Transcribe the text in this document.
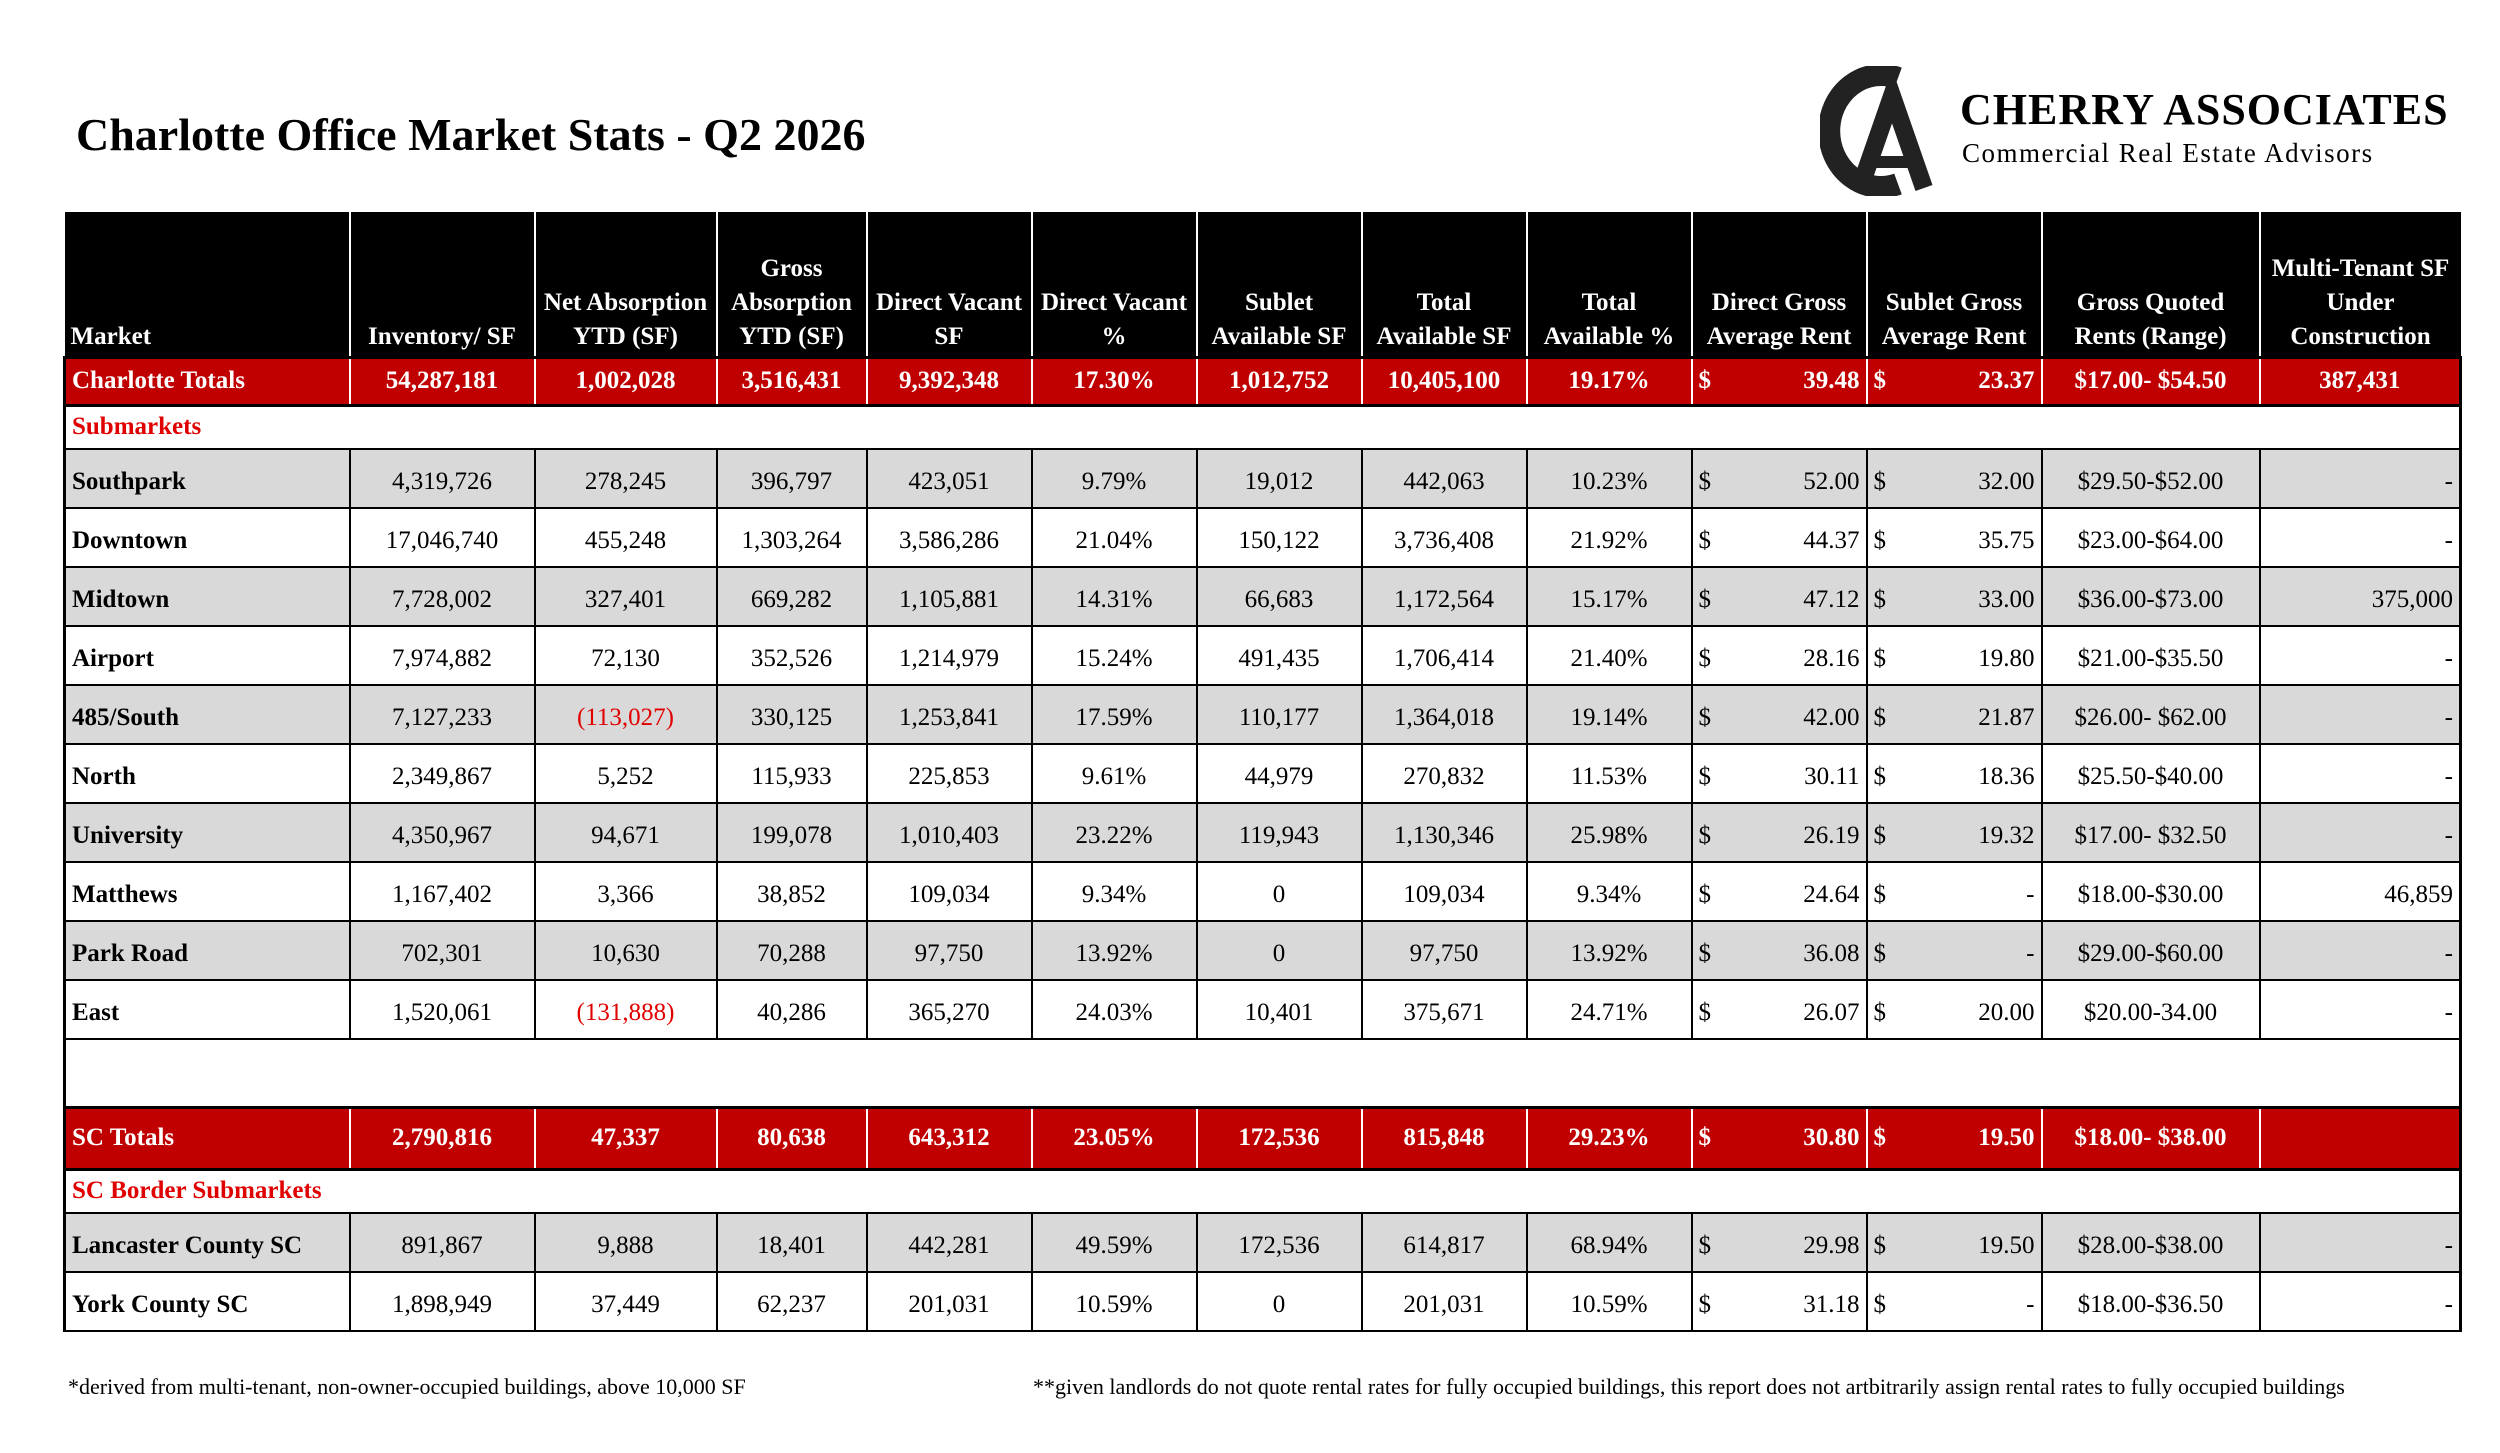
Charlotte Office Market Stats - Q2 2026	CHERRY ASSOCIATES
Commercial Real Estate Advisors
Market	Inventory/ SF	Net Absorption YTD (SF)	Gross Absorption YTD (SF)	Direct Vacant SF	Direct Vacant %	Sublet Available SF	Total Available SF	Total Available %	Direct Gross Average Rent	Sublet Gross Average Rent	Gross Quoted Rents (Range)	Multi-Tenant SF Under Construction
Charlotte Totals	54,287,181	1,002,028	3,516,431	9,392,348	17.30%	1,012,752	10,405,100	19.17%	$ 39.48	$ 23.37	$17.00- $54.50	387,431
Submarkets												
Southpark	4,319,726	278,245	396,797	423,051	9.79%	19,012	442,063	10.23%	$ 52.00	$ 32.00	$29.50-$52.00	-
Downtown	17,046,740	455,248	1,303,264	3,586,286	21.04%	150,122	3,736,408	21.92%	$ 44.37	$ 35.75	$23.00-$64.00	-
Midtown	7,728,002	327,401	669,282	1,105,881	14.31%	66,683	1,172,564	15.17%	$ 47.12	$ 33.00	$36.00-$73.00	375,000
Airport	7,974,882	72,130	352,526	1,214,979	15.24%	491,435	1,706,414	21.40%	$ 28.16	$ 19.80	$21.00-$35.50	-
485/South	7,127,233	(113,027)	330,125	1,253,841	17.59%	110,177	1,364,018	19.14%	$ 42.00	$ 21.87	$26.00- $62.00	-
North	2,349,867	5,252	115,933	225,853	9.61%	44,979	270,832	11.53%	$ 30.11	$ 18.36	$25.50-$40.00	-
University	4,350,967	94,671	199,078	1,010,403	23.22%	119,943	1,130,346	25.98%	$ 26.19	$ 19.32	$17.00- $32.50	-
Matthews	1,167,402	3,366	38,852	109,034	9.34%	0	109,034	9.34%	$ 24.64	$ -	$18.00-$30.00	46,859
Park Road	702,301	10,630	70,288	97,750	13.92%	0	97,750	13.92%	$ 36.08	$ -	$29.00-$60.00	-
East	1,520,061	(131,888)	40,286	365,270	24.03%	10,401	375,671	24.71%	$ 26.07	$ 20.00	$20.00-34.00	-

SC Totals	2,790,816	47,337	80,638	643,312	23.05%	172,536	815,848	29.23%	$ 30.80	$ 19.50	$18.00- $38.00	
SC Border Submarkets												
Lancaster County SC	891,867	9,888	18,401	442,281	49.59%	172,536	614,817	68.94%	$ 29.98	$ 19.50	$28.00-$38.00	-
York County SC	1,898,949	37,449	62,237	201,031	10.59%	0	201,031	10.59%	$ 31.18	$ -	$18.00-$36.50	-
*derived from multi-tenant, non-owner-occupied buildings, above 10,000 SF	**given landlords do not quote rental rates for fully occupied buildings, this report does not artbitrarily assign rental rates to fully occupied buildings
